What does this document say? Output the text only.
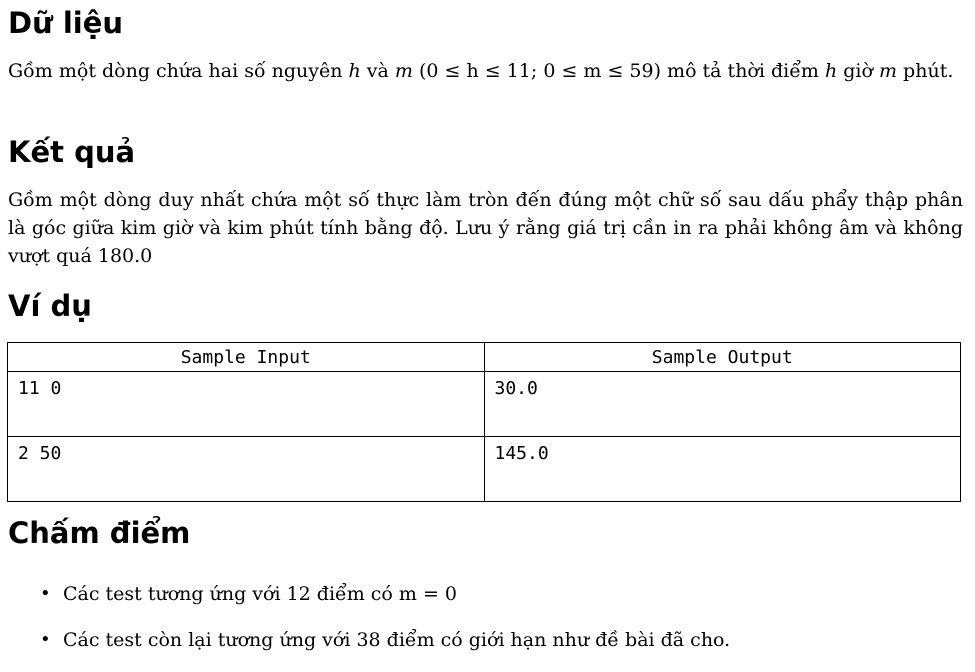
Dữ liệu

Gồm một dòng chứa hai số nguyên h và m (0 ≤ h ≤ 11; 0 ≤ m ≤ 59) mô tả thời điểm h giờ m phút.

Kết quả

Gồm một dòng duy nhất chứa một số thực làm tròn đến đúng một chữ số sau dấu phẩy thập phân là góc giữa kim giờ và kim phút tính bằng độ. Lưu ý rằng giá trị cần in ra phải không âm và không vượt quá 180.0

Ví dụ
Sample Input	Sample Output
11 0	30.0
2 50	145.0
Chấm điểm
• Các test tương ứng với 12 điểm có m = 0
• Các test còn lại tương ứng với 38 điểm có giới hạn như đề bài đã cho.
